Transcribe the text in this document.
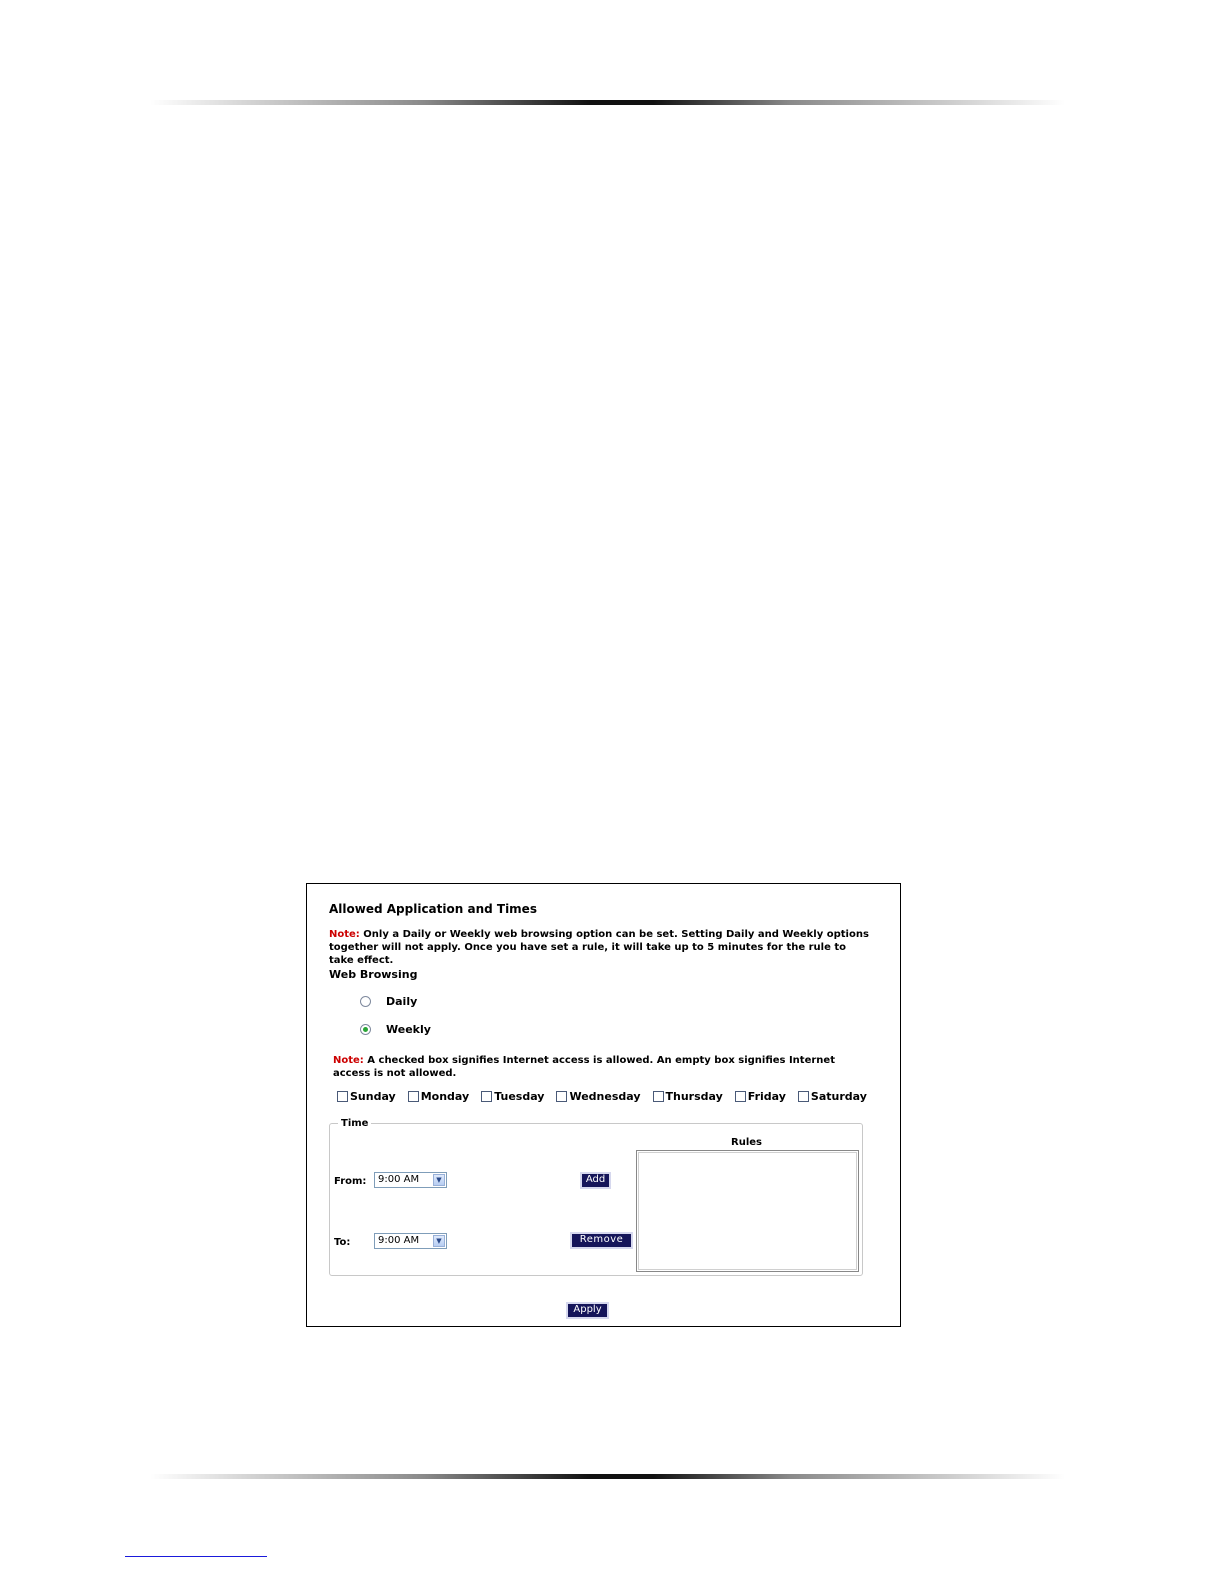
Allowed Application and Times
Note: Only a Daily or Weekly web browsing option can be set. Setting Daily and Weekly options together will not apply. Once you have set a rule, it will take up to 5 minutes for the rule to take effect.
Web Browsing
Daily
Weekly
Note: A checked box signifies Internet access is allowed. An empty box signifies Internet access is not allowed.
Sunday Monday Tuesday Wednesday Thursday Friday Saturday
Time
From:	9:00 AM	▼
To:	9:00 AM	▼
Add
Remove
Rules
Apply
